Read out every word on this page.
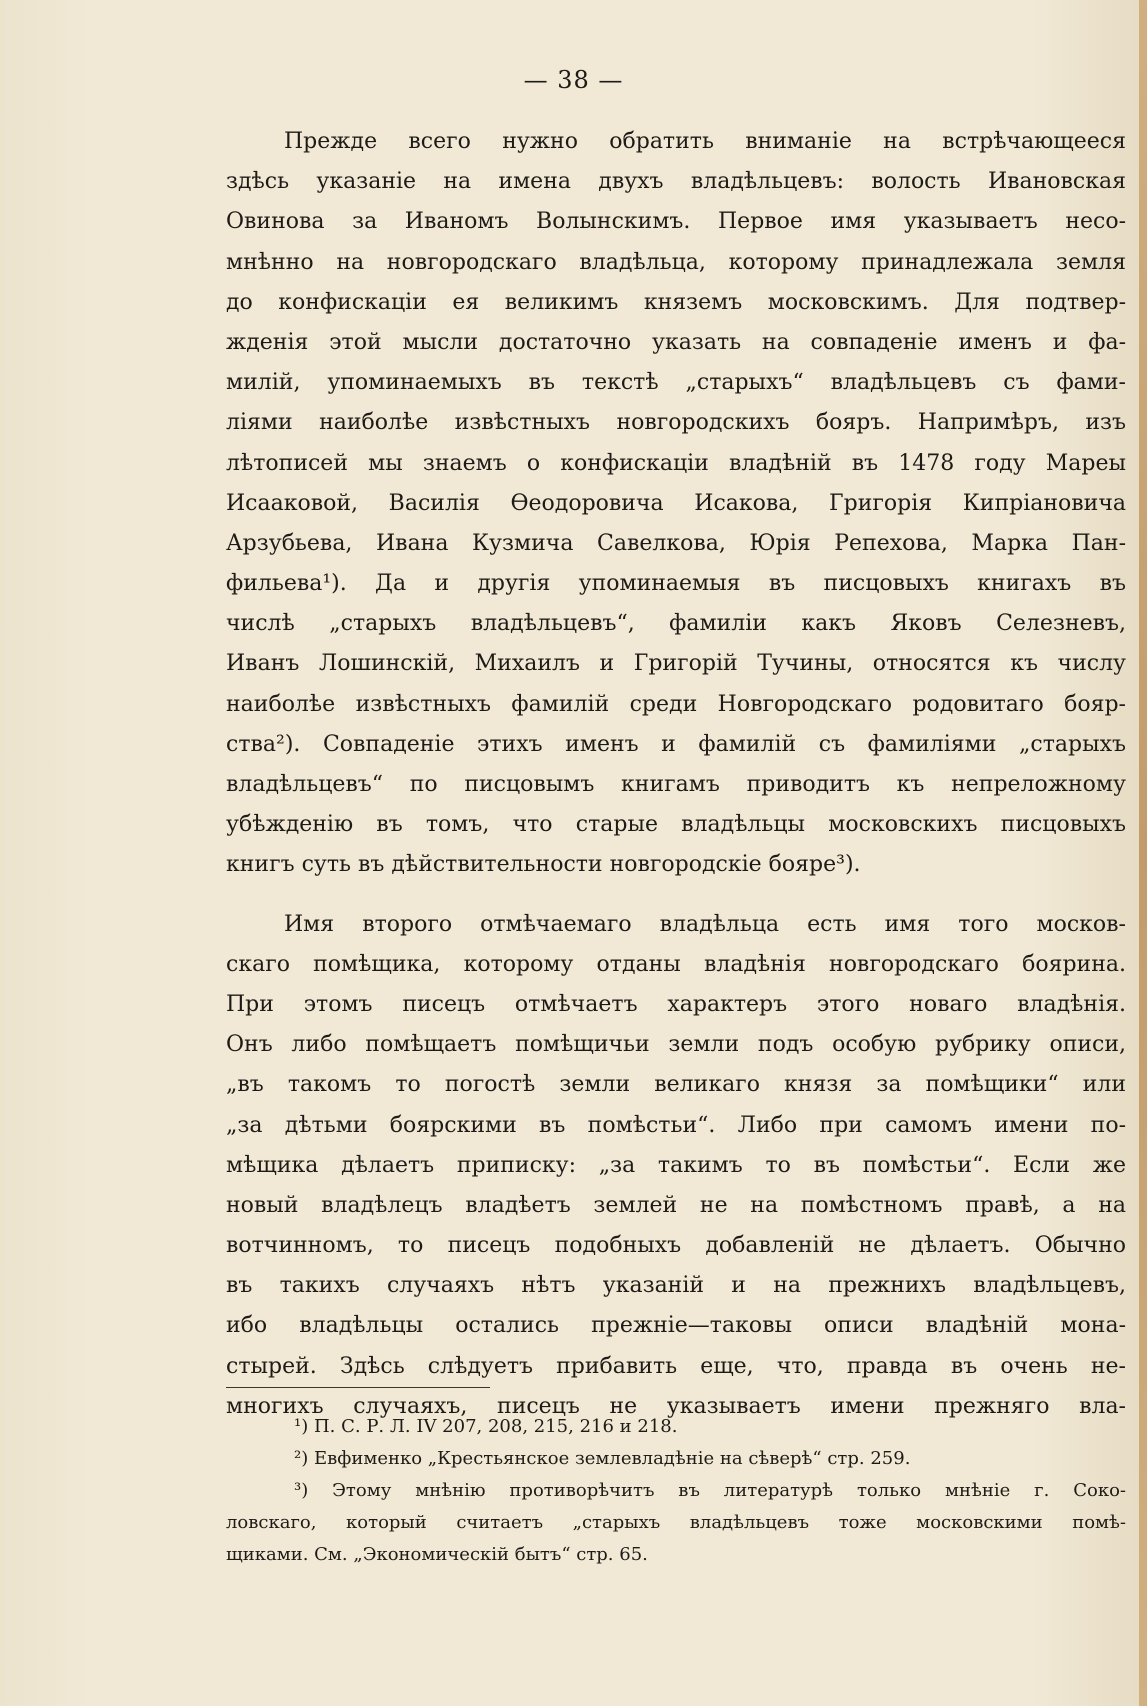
— 38 —
Прежде всего нужно обратить вниманіе на встрѣчающееся
здѣсь указаніе на имена двухъ владѣльцевъ: волость Ивановская
Овинова за Иваномъ Волынскимъ. Первое имя указываетъ несо-
мнѣнно на новгородскаго владѣльца, которому принадлежала земля
до конфискаціи ея великимъ княземъ московскимъ. Для подтвер-
жденія этой мысли достаточно указать на совпаденіе именъ и фа-
милій, упоминаемыхъ въ текстѣ „старыхъ“ владѣльцевъ съ фами-
ліями наиболѣе извѣстныхъ новгородскихъ бояръ. Напримѣръ, изъ
лѣтописей мы знаемъ о конфискаціи владѣній въ 1478 году Мареы
Исааковой, Василія Ѳеодоровича Исакова, Григорія Кипріановича
Арзубьева, Ивана Кузмича Савелкова, Юрія Репехова, Марка Пан-
фильева¹). Да и другія упоминаемыя въ писцовыхъ книгахъ въ
числѣ „старыхъ владѣльцевъ“, фамиліи какъ Яковъ Селезневъ,
Иванъ Лошинскій, Михаилъ и Григорій Тучины, относятся къ числу
наиболѣе извѣстныхъ фамилій среди Новгородскаго родовитаго бояр-
ства²). Совпаденіе этихъ именъ и фамилій съ фамиліями „старыхъ
владѣльцевъ“ по писцовымъ книгамъ приводитъ къ непреложному
убѣжденію въ томъ, что старые владѣльцы московскихъ писцовыхъ
книгъ суть въ дѣйствительности новгородскіе бояре³).
Имя второго отмѣчаемаго владѣльца есть имя того москов-
скаго помѣщика, которому отданы владѣнія новгородскаго боярина.
При этомъ писецъ отмѣчаетъ характеръ этого новаго владѣнія.
Онъ либо помѣщаетъ помѣщичьи земли подъ особую рубрику описи,
„въ такомъ то погостѣ земли великаго князя за помѣщики“ или
„за дѣтьми боярскими въ помѣстьи“. Либо при самомъ имени по-
мѣщика дѣлаетъ приписку: „за такимъ то въ помѣстьи“. Если же
новый владѣлецъ владѣетъ землей не на помѣстномъ правѣ, а на
вотчинномъ, то писецъ подобныхъ добавленій не дѣлаетъ. Обычно
въ такихъ случаяхъ нѣтъ указаній и на прежнихъ владѣльцевъ,
ибо владѣльцы остались прежніе—таковы описи владѣній мона-
стырей. Здѣсь слѣдуетъ прибавить еще, что, правда въ очень не-
многихъ случаяхъ, писецъ не указываетъ имени прежняго вла-
¹) П. С. Р. Л. IV 207, 208, 215, 216 и 218.
²) Евфименко „Крестьянское землевладѣніе на сѣверѣ“ стр. 259.
³) Этому мнѣнію противорѣчитъ въ литературѣ только мнѣніе г. Соко-
ловскаго, который считаетъ „старыхъ владѣльцевъ тоже московскими помѣ-
щиками. См. „Экономическій бытъ“ стр. 65.
